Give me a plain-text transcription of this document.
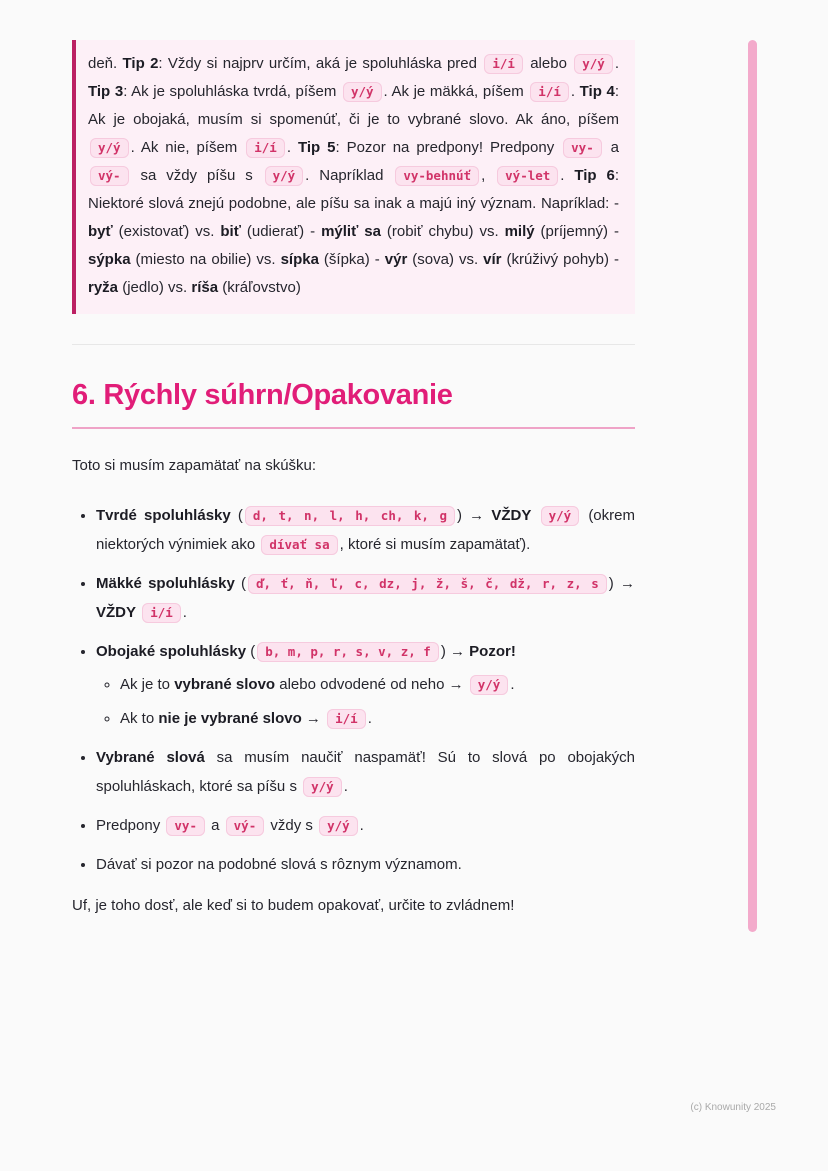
deň. Tip 2: Vždy si najprv určím, aká je spoluhláska pred i/í alebo y/ý . Tip 3: Ak je spoluhláska tvrdá, píšem y/ý . Ak je mäkká, píšem i/í . Tip 4: Ak je obojaká, musím si spomenúť, či je to vybrané slovo. Ak áno, píšem y/ý . Ak nie, píšem i/í . Tip 5: Pozor na predpony! Predpony vy- a vý- sa vždy píšu s y/ý . Napríklad vy-behnúť , vý-let . Tip 6: Niektoré slová znejú podobne, ale píšu sa inak a majú iný význam. Napríklad: - byť (existovať) vs. biť (udierať) - mýliť sa (robiť chybu) vs. milý (príjemný) - sýpka (miesto na obilie) vs. sípka (šípka) - výr (sova) vs. vír (krúživý pohyb) - ryža (jedlo) vs. ríša (kráľovstvo)
6. Rýchly súhrn/Opakovanie

Toto si musím zapamätať na skúšku:

• Tvrdé spoluhlásky ( d, t, n, l, h, ch, k, g ) → VŽDY y/ý (okrem niektorých výnimiek ako dívať sa , ktoré si musím zapamätať).
• Mäkké spoluhlásky ( ď, ť, ň, ľ, c, dz, j, ž, š, č, dž, r, z, s ) → VŽDY i/í .
• Obojaké spoluhlásky ( b, m, p, r, s, v, z, f ) → Pozor!
◦ Ak je to vybrané slovo alebo odvodené od neho → y/ý .
◦ Ak to nie je vybrané slovo → i/í .
• Vybrané slová sa musím naučiť naspamäť! Sú to slová po obojakých spoluhláskach, ktoré sa píšu s y/ý .
• Predpony vy- a vý- vždy s y/ý .
• Dávať si pozor na podobné slová s rôznym významom.

Uf, je toho dosť, ale keď si to budem opakovať, určite to zvládnem!

(c) Knowunity 2025
